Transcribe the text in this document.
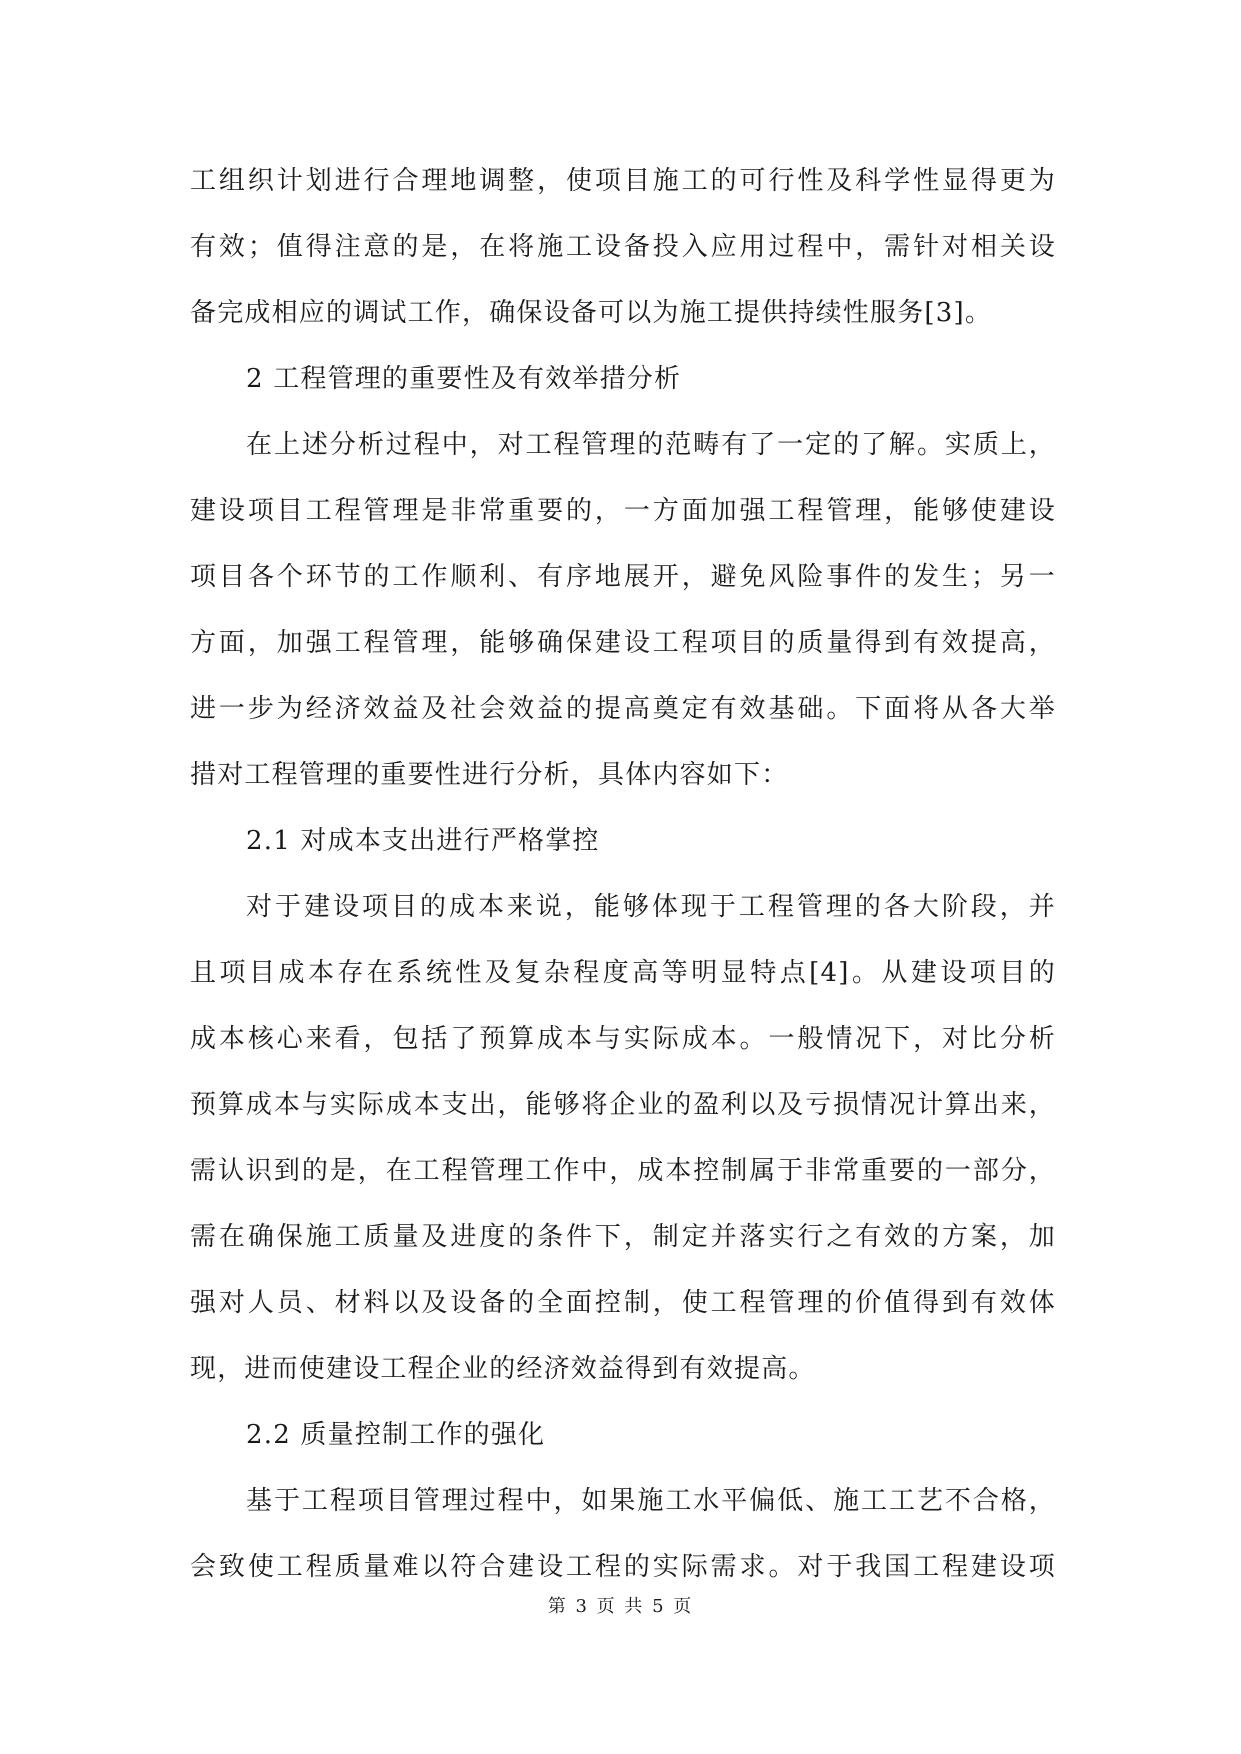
工组织计划进行合理地调整，使项目施工的可行性及科学性显得更为
有效；值得注意的是，在将施工设备投入应用过程中，需针对相关设
备完成相应的调试工作，确保设备可以为施工提供持续性服务[3]。
2 工程管理的重要性及有效举措分析
在上述分析过程中，对工程管理的范畴有了一定的了解。实质上，
建设项目工程管理是非常重要的，一方面加强工程管理，能够使建设
项目各个环节的工作顺利、有序地展开，避免风险事件的发生；另一
方面，加强工程管理，能够确保建设工程项目的质量得到有效提高，
进一步为经济效益及社会效益的提高奠定有效基础。下面将从各大举
措对工程管理的重要性进行分析，具体内容如下：
2.1 对成本支出进行严格掌控
对于建设项目的成本来说，能够体现于工程管理的各大阶段，并
且项目成本存在系统性及复杂程度高等明显特点[4]。从建设项目的
成本核心来看，包括了预算成本与实际成本。一般情况下，对比分析
预算成本与实际成本支出，能够将企业的盈利以及亏损情况计算出来，
需认识到的是，在工程管理工作中，成本控制属于非常重要的一部分，
需在确保施工质量及进度的条件下，制定并落实行之有效的方案，加
强对人员、材料以及设备的全面控制，使工程管理的价值得到有效体
现，进而使建设工程企业的经济效益得到有效提高。
2.2 质量控制工作的强化
基于工程项目管理过程中，如果施工水平偏低、施工工艺不合格，
会致使工程质量难以符合建设工程的实际需求。对于我国工程建设项
第 3 页 共 5 页
